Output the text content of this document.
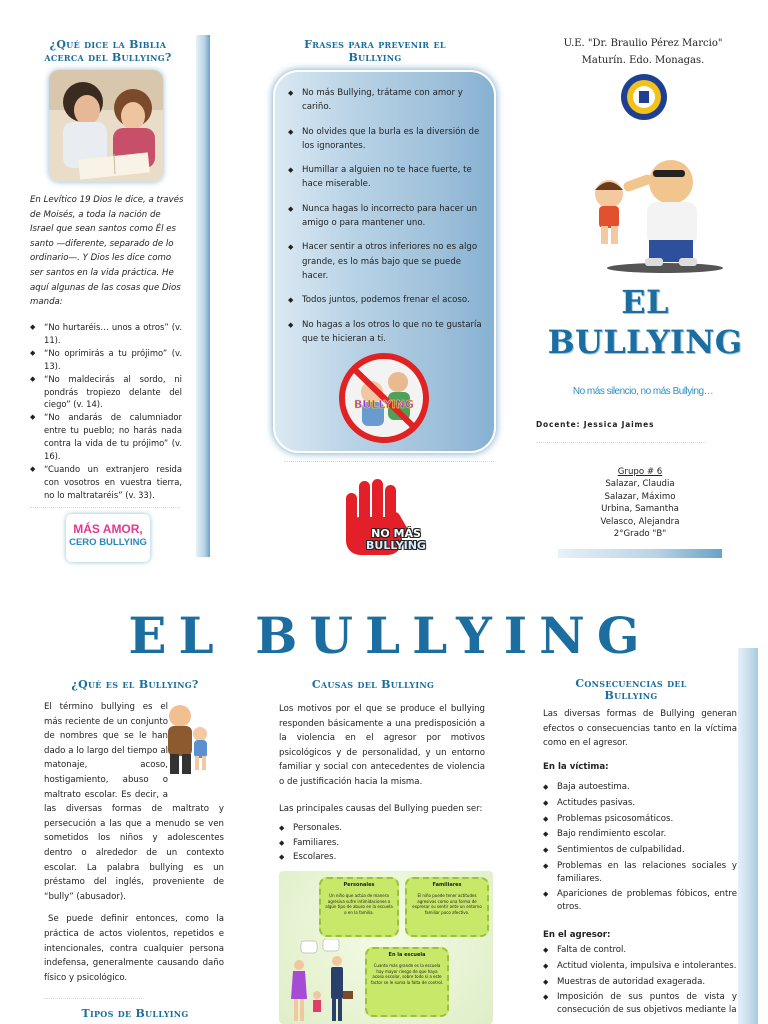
¿Qué dice la Biblia acerca del Bullying?

En Levítico 19 Dios le dice, a través de Moisés, a toda la nación de Israel que sean santos como Él es santo —diferente, separado de lo ordinario—. Y Dios les dice como ser santos en la vida práctica. He aquí algunas de las cosas que Dios manda:

◆ “No hurtaréis… unos a otros” (v. 11).
◆ “No oprimirás a tu prójimo” (v. 13).
◆ “No maldecirás al sordo, ni pondrás tropiezo delante del ciego” (v. 14).
◆ “No andarás de calumniador entre tu pueblo; no harás nada contra la vida de tu prójimo” (v. 16).
◆ “Cuando un extranjero resida con vosotros en vuestra tierra, no lo maltrataréis” (v. 33).
MÁS AMOR,
CERO BULLYING
Frases para prevenir el Bullying
◆ No más Bullying, trátame con amor y cariño.
◆ No olvides que la burla es la diversión de los ignorantes.
◆ Humillar a alguien no te hace fuerte, te hace miserable.
◆ Nunca hagas lo incorrecto para hacer un amigo o para mantener uno.
◆ Hacer sentir a otros inferiores no es algo grande, es lo más bajo que se puede hacer.
◆ Todos juntos, podemos frenar el acoso.
◆ No hagas a los otros lo que no te gustaría que te hicieran a ti.
BULLYING
NO MÁS
BULLYING
U.E. "Dr. Braulio Pérez Marcio"
Maturín. Edo. Monagas.
EL
BULLYING
No más silencio, no más Bullying…
Docente: Jessica Jaimes
Grupo # 6
Salazar, Claudia
Salazar, Máximo
Urbina, Samantha
Velasco, Alejandra
2°Grado "B"
EL BULLYING
¿Qué es el Bullying?
El término bullying es el más reciente de un conjunto de nombres que se le han dado a lo largo del tiempo al matonaje, acoso, hostigamiento, abuso o maltrato escolar. Es decir, a las diversas formas de maltrato y persecución a las que a menudo se ven sometidos los niños y adolescentes dentro o alrededor de un contexto escolar. La palabra bullying es un préstamo del inglés, proveniente de “bully” (abusador).

Se puede definir entonces, como la práctica de actos violentos, repetidos e intencionales, contra cualquier persona indefensa, generalmente causando daño físico y psicológico.

Tipos de Bullying
Causas del Bullying

Los motivos por el que se produce el bullying responden básicamente a una predisposición a la violencia en el agresor por motivos psicológicos y de personalidad, y un entorno familiar y social con antecedentes de violencia o de justificación hacia la misma.

Las principales causas del Bullying pueden ser:

◆ Personales.
◆ Familiares.
◆ Escolares.
Personales
Un niño que actúa de manera agresiva sufre intimidaciones o algún tipo de abuso en la escuela o en la familia.
Familiares
El niño puede tener actitudes agresivas como una forma de expresar su sentir ante un entorno familiar poco afectivo.
En la escuela
Cuanto más grande es la escuela hay mayor riesgo de que haya acoso escolar, sobre todo si a este factor se le suma la falta de control.
Consecuencias del Bullying

Las diversas formas de Bullying generan efectos o consecuencias tanto en la víctima como en el agresor.

En la víctima:
◆ Baja autoestima.
◆ Actitudes pasivas.
◆ Problemas psicosomáticos.
◆ Bajo rendimiento escolar.
◆ Sentimientos de culpabilidad.
◆ Problemas en las relaciones sociales y familiares.
◆ Apariciones de problemas fóbicos, entre otros.
En el agresor:
◆ Falta de control.
◆ Actitud violenta, impulsiva e intolerantes.
◆ Muestras de autoridad exagerada.
◆ Imposición de sus puntos de vista y consecución de sus objetivos mediante la
